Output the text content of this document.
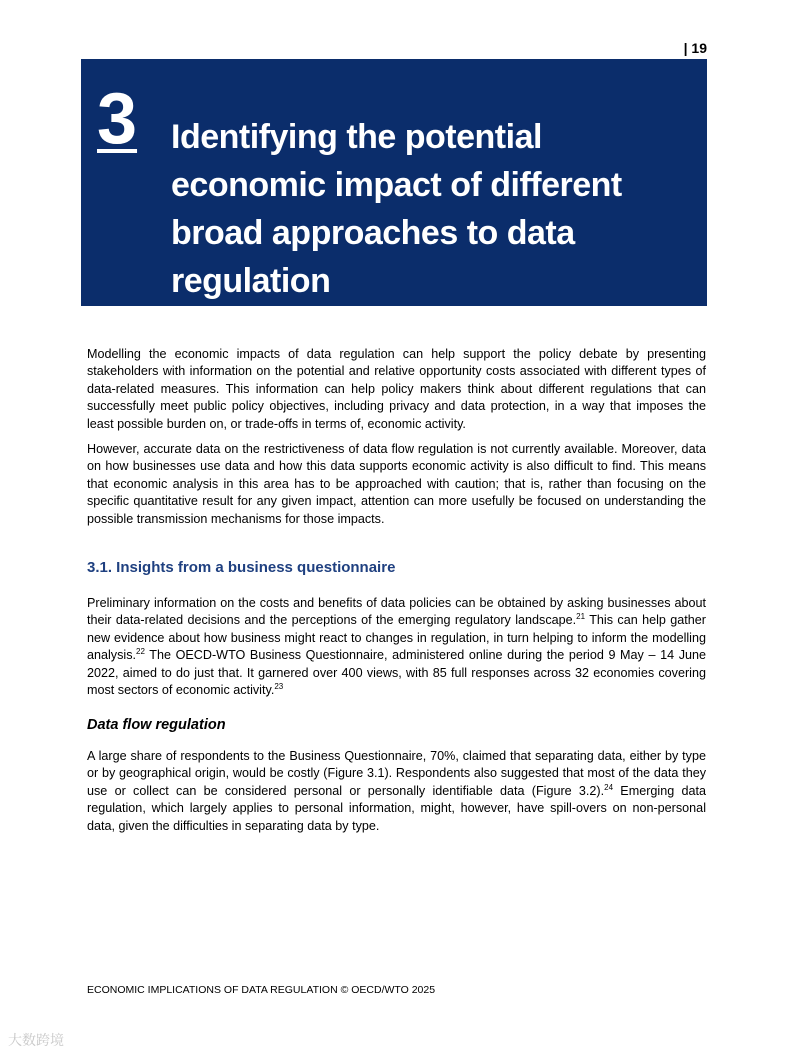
| 19
3 Identifying the potential economic impact of different broad approaches to data regulation

Modelling the economic impacts of data regulation can help support the policy debate by presenting stakeholders with information on the potential and relative opportunity costs associated with different types of data-related measures. This information can help policy makers think about different regulations that can successfully meet public policy objectives, including privacy and data protection, in a way that imposes the least possible burden on, or trade-offs in terms of, economic activity.

However, accurate data on the restrictiveness of data flow regulation is not currently available. Moreover, data on how businesses use data and how this data supports economic activity is also difficult to find. This means that economic analysis in this area has to be approached with caution; that is, rather than focusing on the specific quantitative result for any given impact, attention can more usefully be focused on understanding the possible transmission mechanisms for those impacts.

3.1. Insights from a business questionnaire

Preliminary information on the costs and benefits of data policies can be obtained by asking businesses about their data-related decisions and the perceptions of the emerging regulatory landscape.$^{21}$ This can help gather new evidence about how business might react to changes in regulation, in turn helping to inform the modelling analysis.$^{22}$ The OECD-WTO Business Questionnaire, administered online during the period 9 May – 14 June 2022, aimed to do just that. It garnered over 400 views, with 85 full responses across 32 economies covering most sectors of economic activity.$^{23}$

Data flow regulation

A large share of respondents to the Business Questionnaire, 70%, claimed that separating data, either by type or by geographical origin, would be costly (Figure 3.1). Respondents also suggested that most of the data they use or collect can be considered personal or personally identifiable data (Figure 3.2).$^{24}$ Emerging data regulation, which largely applies to personal information, might, however, have spill-overs on non-personal data, given the difficulties in separating data by type.

ECONOMIC IMPLICATIONS OF DATA REGULATION © OECD/WTO 2025
大数跨境
